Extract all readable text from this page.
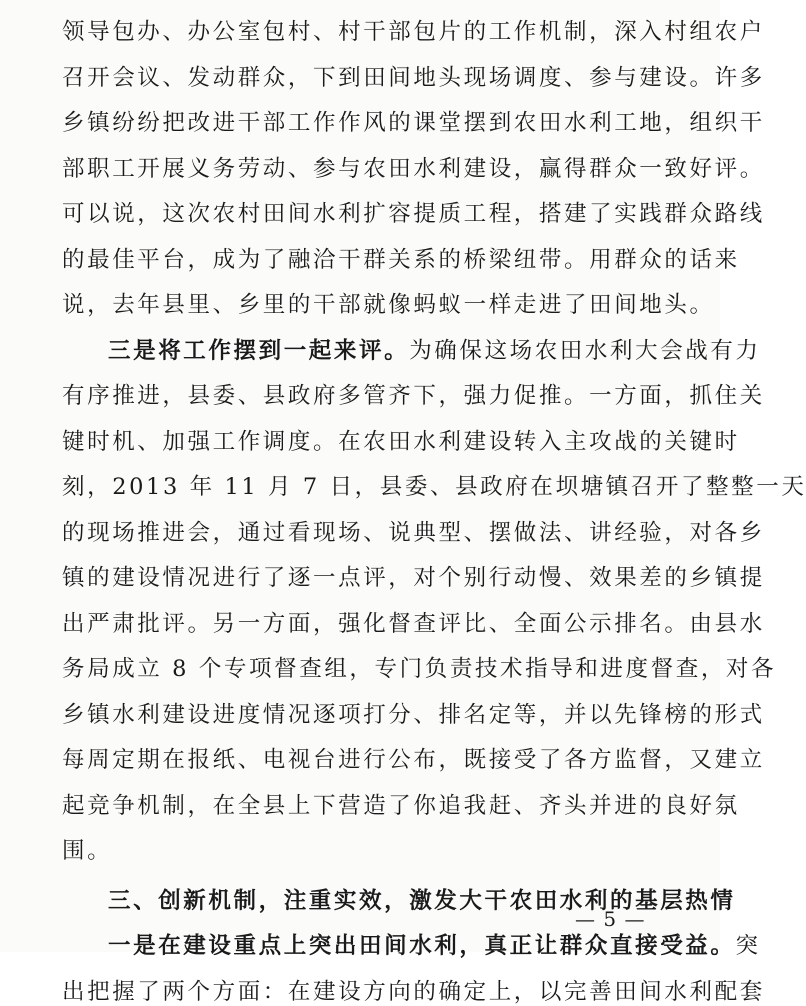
领导包办、办公室包村、村干部包片的工作机制，深入村组农户
召开会议、发动群众，下到田间地头现场调度、参与建设。许多
乡镇纷纷把改进干部工作作风的课堂摆到农田水利工地，组织干
部职工开展义务劳动、参与农田水利建设，赢得群众一致好评。
可以说，这次农村田间水利扩容提质工程，搭建了实践群众路线
的最佳平台，成为了融洽干群关系的桥梁纽带。用群众的话来
说，去年县里、乡里的干部就像蚂蚁一样走进了田间地头。
三是将工作摆到一起来评。为确保这场农田水利大会战有力
有序推进，县委、县政府多管齐下，强力促推。一方面，抓住关
键时机、加强工作调度。在农田水利建设转入主攻战的关键时
刻，2013 年 11 月 7 日，县委、县政府在坝塘镇召开了整整一天
的现场推进会，通过看现场、说典型、摆做法、讲经验，对各乡
镇的建设情况进行了逐一点评，对个别行动慢、效果差的乡镇提
出严肃批评。另一方面，强化督查评比、全面公示排名。由县水
务局成立 8 个专项督查组，专门负责技术指导和进度督查，对各
乡镇水利建设进度情况逐项打分、排名定等，并以先锋榜的形式
每周定期在报纸、电视台进行公布，既接受了各方监督，又建立
起竞争机制，在全县上下营造了你追我赶、齐头并进的良好氛
围。
— 5 —
三、创新机制，注重实效，激发大干农田水利的基层热情
一是在建设重点上突出田间水利，真正让群众直接受益。突
出把握了两个方面：在建设方向的确定上，以完善田间水利配套
